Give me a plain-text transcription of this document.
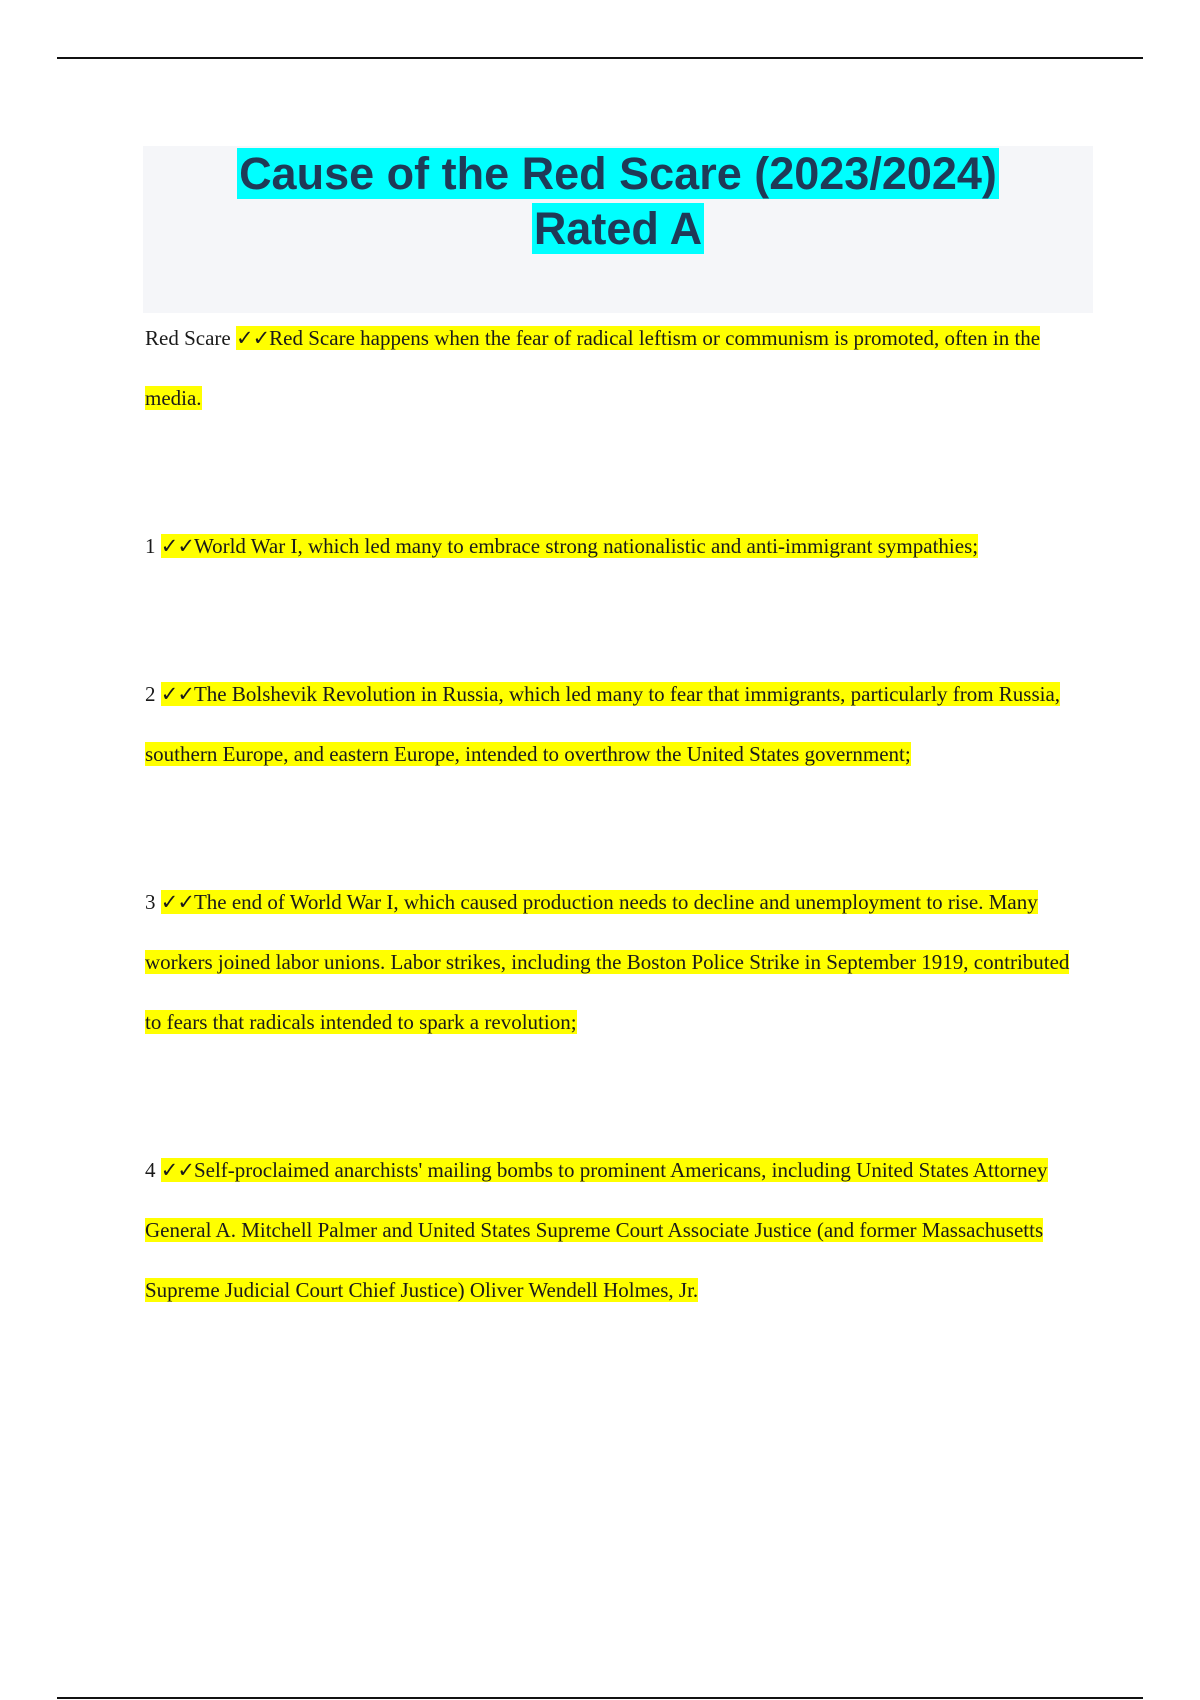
Cause of the Red Scare (2023/2024)
Rated A

Red Scare ✓✓Red Scare happens when the fear of radical leftism or communism is promoted, often in the media.

1 ✓✓World War I, which led many to embrace strong nationalistic and anti-immigrant sympathies;

2 ✓✓The Bolshevik Revolution in Russia, which led many to fear that immigrants, particularly from Russia, southern Europe, and eastern Europe, intended to overthrow the United States government;

3 ✓✓The end of World War I, which caused production needs to decline and unemployment to rise. Many workers joined labor unions. Labor strikes, including the Boston Police Strike in September 1919, contributed to fears that radicals intended to spark a revolution;

4 ✓✓Self-proclaimed anarchists' mailing bombs to prominent Americans, including United States Attorney General A. Mitchell Palmer and United States Supreme Court Associate Justice (and former Massachusetts Supreme Judicial Court Chief Justice) Oliver Wendell Holmes, Jr.
